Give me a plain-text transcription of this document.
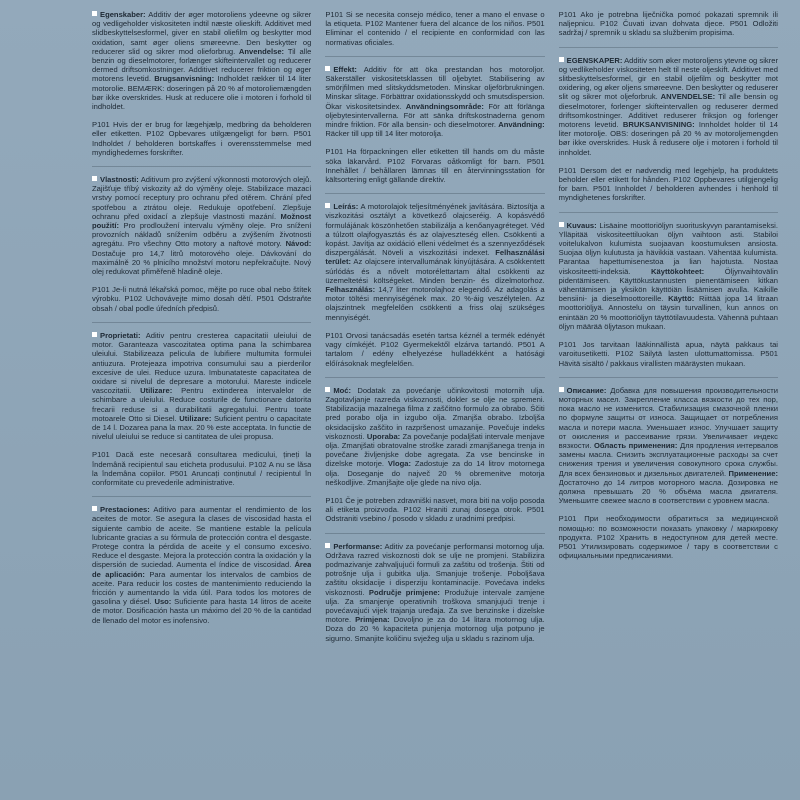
Egenskaber: Additiv der øger motoroliens ydeevne og sikrer og vedligeholder viskositeten indtil næste olieskift. Additivet med slidbeskyttelsesformel, giver en stabil oliefilm og beskytter mod oxidation, samt øger oliens smøreevne. Den beskytter og reducerer slid og sikrer mod olieforbrug. Anvendelse: Til alle benzin og dieselmotorer, forlænger skifteintervallet og reducerer dermed driftsomkostninger. Additivet reducerer friktion og øger motorens levetid. Brugsanvisning: Indholdet rækker til 14 liter motorolie. BEMÆRK: doseringen på 20 % af motoroliemængden bør ikke overskrides. Husk at reducere olie i motoren i forhold til indholdet.
P101 Hvis der er brug for lægehjælp, medbring da beholderen eller etiketten. P102 Opbevares utilgængeligt for børn. P501 Indholdet / beholderen bortskaffes i overensstemmelse med myndighedernes forskrifter.
Vlastnosti: Aditivum pro zvýšení výkonnosti motorových olejů. Zajišťuje tříbý viskozity až do výměny oleje. Stabilizace mazací vrstvy pomocí receptury pro ochranu před otěrem. Chrání před spotřebou a ztrátou oleje. Redukuje opotřebení. Zlepšuje ochranu před oxidací a zlepšuje vlastnosti mazání. Možnost použití: Pro prodloužení intervalu výměny oleje. Pro snížení provozních nákladů snížením odběru a zvýšením životnosti agregátu. Pro všechny Otto motory a naftové motory. Návod: Dostačuje pro 14,7 litrů motorového oleje. Dávkování do maximálně 20 % plnicího množství motoru nepřekračujte. Nový olej redukovat přiměřeně hladině oleje.
P101 Je-li nutná lékařská pomoc, mějte po ruce obal nebo štítek výrobku. P102 Uchovávejte mimo dosah dětí. P501 Odstraňte obsah / obal podle úředních předpisů.
Proprietati: Aditiv pentru cresterea capacitatii uleiului de motor. Garanteaza vascozitatea optima pana la schimbarea uleiului. Stabilizeaza pelicula de lubifiere multumita formulei antiuzura. Protejeaza impotriva consumului sau a pierderilor excesive de ulei. Reduce uzura. Imbunatateste capacitatea de oxidare si nivelul de depresare a motorului. Mareste indicele vascozitatii. Utilizare: Pentru extinderea intervalelor de schimbare a uleiului. Reduce costurile de functionare datorita frecarii reduse si a durabilitatii agregatului. Pentru toate motoarele Otto si Diesel. Utilizare: Suficient pentru o capacitate de 14 l. Dozarea pana la max. 20 % este acceptata. In functie de nivelul uleiului se reduce si cantitatea de ulei propusa.
P101 Dacă este necesară consultarea medicului, țineți la îndemână recipientul sau eticheta produsului. P102 A nu se lăsa la îndemâna copiilor. P501 Aruncați conținutul / recipientul în conformitate cu prevederile administrative.
Prestaciones: Aditivo para aumentar el rendimiento de los aceites de motor. Se asegura la clases de viscosidad hasta el siguiente cambio de aceite. Se mantiene estable la película lubricante gracias a su fórmula de protección contra el desgaste. Protege contra la pérdida de aceite y el consumo excesivo. Reduce el desgaste. Mejora la protección contra la oxidación y la dispersión de suciedad. Aumenta el índice de viscosidad. Área de aplicación: Para aumentar los intervalos de cambios de aceite. Para reducir los costes de mantenimiento reduciendo la fricción y aumentando la vida útil. Para todos los motores de gasolina y diésel. Uso: Suficiente para hasta 14 litros de aceite de motor. Dosificación hasta un máximo del 20 % de la cantidad de llenado del motor es inofensivo.
P101 Si se necesita consejo médico, tener a mano el envase o la etiqueta. P102 Mantener fuera del alcance de los niños. P501 Eliminar el contenido / el recipiente en conformidad con las normativas oficiales.
Effekt: Additiv för att öka prestandan hos motoroljor. Säkerställer viskositetsklassen till oljebytet. Stabilisering av smörjfilmen med slitskyddsmetoden. Minskar oljeförbrukningen. Minskar slitage. Förbättrar oxidationsskydd och smutsdispersion. Ökar viskositetsindex. Användningsområde: För att förlänga oljebytesintervallerna. För att sänka driftskostnaderna genom mindre friktion. För alla bensin- och dieselmotorer. Användning: Räcker till upp till 14 liter motorolja.
P101 Ha förpackningen eller etiketten till hands om du måste söka läkarvård. P102 Förvaras oåtkomligt för barn. P501 Innehållet / behållaren lämnas till en återvinningsstation för kältsortering enligt gällande direktiv.
Leírás: A motorolajok teljesítményének javítására. Biztosítja a viszkozitási osztályt a következő olajcseréig. A kopásvédő formulájának köszönhetően stabilizálja a kenőanyagréteget. Véd a túlzott olajfogyasztás és az olajveszteség ellen. Csökkenti a kopást. Javítja az oxidáció elleni védelmet és a szennyeződések diszpergálását. Növeli a viszkozitási indexet. Felhasználási terület: Az olajcsere intervallumának kinyújtására. A csökkentett súrlódás és a nővelt motorélettartam által csökkenti az üzemeltetési költségeket. Minden benzin- és dízelmotorhoz. Felhasználás: 14,7 liter motorolajhoz elegendő. Az adagolás a motor töltési mennyiségének max. 20 %-áig veszélytelen. Az olajszintnek megfelelően csökkenti a friss olaj szükséges mennyiségét.
P101 Orvosi tanácsadás esetén tartsa kéznél a termék edényét vagy címkéjét. P102 Gyermekektől elzárva tartandó. P501 A tartalom / edény elhelyezése hulladékként a hatósági előírásoknak megfelelően.
Moć: Dodatak za povećanje učinkovitosti motornih ulja. Zagotavljanje razreda viskoznosti, dokler se olje ne spremeni. Stabilizacija mazalnega filma z zaščitno formulo za obrabo. Ščiti pred porabo olja in izgubo olja. Zmanjša obrabo. Izboljša oksidacijsko zaščito in razpršenost umazanije. Povečuje indeks viskoznosti. Uporaba: Za povečanje podaljšati intervale menjave olja. Zmanjšati obratovalne stroške zaradi zmanjšanega trenja in povečane življenjske dobe agregata. Za vse bencinske in dizelske motorje. Vloga: Zadostuje za do 14 litrov motornega olja. Doseganje do največ 20 % obremenitve motorja neškodljive. Zmanjšajte olje glede na nivo olja.
P101 Če je potreben zdravniški nasvet, mora biti na voljo posoda ali etiketa proizvoda. P102 Hraniti zunaj dosega otrok. P501 Odstraniti vsebino / posodo v skladu z uradnimi predpisi.
Performanse: Aditiv za povećanje performansi motornog ulja. Održava razred viskoznosti dok se ulje ne promjeni. Stabilizira podmazivanje zahvaljujući formuli za zaštitu od trošenja. Štiti od potrošnje ulja i gubitka ulja. Smanjuje trošenje. Poboljšava zaštitu oksidacije i disperziju kontaminacije. Povećava indeks viskoznosti. Područje primjene: Produžuje intervale zamjene ulja. Za smanjenje operativnih troškova smanjujući trenje i povećavajući vijek trajanja uređaja. Za sve benzinske i dizelske motore. Primjena: Dovoljno je za do 14 litara motornog ulja. Doza do 20 % kapaciteta punjenja motornog ulja potpuno je sigurno. Smanjite količinu svježeg ulja u skladu s razinom ulja.
P101 Ako je potrebna liječnička pomoć pokazati spremnik ili naljepnicu. P102 Čuvati izvan dohvata djece. P501 Odložiti sadržaj / spremnik u skladu sa službenim propisima.
EGENSKAPER: Additiv som øker motoroljens ytevne og sikrer og vedlikeholder viskositeten helt til neste oljeskift. Additivet med slitbeskyttelsesformel, gir en stabil oljefilm og beskytter mot oxidering, og øker oljens smøreevne. Den beskytter og reduserer slit og sikrer mot oljeforbruk. ANVENDELSE: Til alle bensin og dieselmotorer, forlenger skifteintervallen og reduserer dermed driftsomkostninger. Additivet reduserer friksjon og forlenger motorens levetid. BRUKSANVISNING: Innholdet holder til 14 liter motorolje. OBS: doseringen på 20 % av motoroljemengden bør ikke overskrides. Husk å redusere olje i motoren i forhold til innholdet.
P101 Dersom det er nødvendig med legehjelp, ha produktets beholder eller etikett for hånden. P102 Oppbevares utilgjengelig for barn. P501 Innholdet / beholderen avhendes i henhold til myndighetenes forskrifter.
Kuvaus: Lisäaine moottoriöljyn suorituskyvyn parantamiseksi. Ylläpitää viskositeettiluokan öljyn vaihtoon asti. Stabiloi voitelukalvon kulumista suojaavan koostumuksen ansiosta. Suojaa öljyn kulutusta ja hävikkiä vastaan. Vähentää kulumista. Parantaa hapettumisenestoa ja lian hajotusta. Nostaa viskositeetti-indeksiä. Käyttökohteet: Öljynvaihtovälin pidentämiseen. Käyttökustannusten pienentämiseen kitkan vähentämisen ja yksikön käyttöiän lisäämisen avulla. Kaikille bensiini- ja dieselmoottoreille. Käyttö: Riittää jopa 14 litraan moottoriöljyä. Annostelu on täysin turvallinen, kun annos on enintään 20 % moottoriöljyn täyttötilavuudesta. Vähennä puhtaan öljyn määrää öljytason mukaan.
P101 Jos tarvitaan lääkinnällistä apua, näytä pakkaus tai varoitusetiketti. P102 Säilytä lasten ulottumattomissa. P501 Hävitä sisältö / pakkaus virallisten määräysten mukaan.
Описание: Добавка для повышения производительности моторных масел. Закрепление класса вязкости до тех пор, пока масло не изменится. Стабилизация смазочной пленки по формуле защиты от износа. Защищает от потребления масла и потери масла. Уменьшает износ. Улучшает защиту от окисления и рассеивание грязи. Увеличивает индекс вязкости. Область применения: Для продления интервалов замены масла. Снизить эксплуатационные расходы за счет снижения трения и увеличения совокупного срока службы. Для всех бензиновых и дизельных двигателей. Применение: Достаточно до 14 литров моторного масла. Дозировка не должна превышать 20 % объёма масла двигателя. Уменьшите свежее масло в соответствии с уровнем масла.
P101 При необходимости обратиться за медицинской помощью: по возможности показать упаковку / маркировку продукта. P102 Хранить в недоступном для детей месте. P501 Утилизировать содержимое / тару в соответствии с официальными предписаниями.
